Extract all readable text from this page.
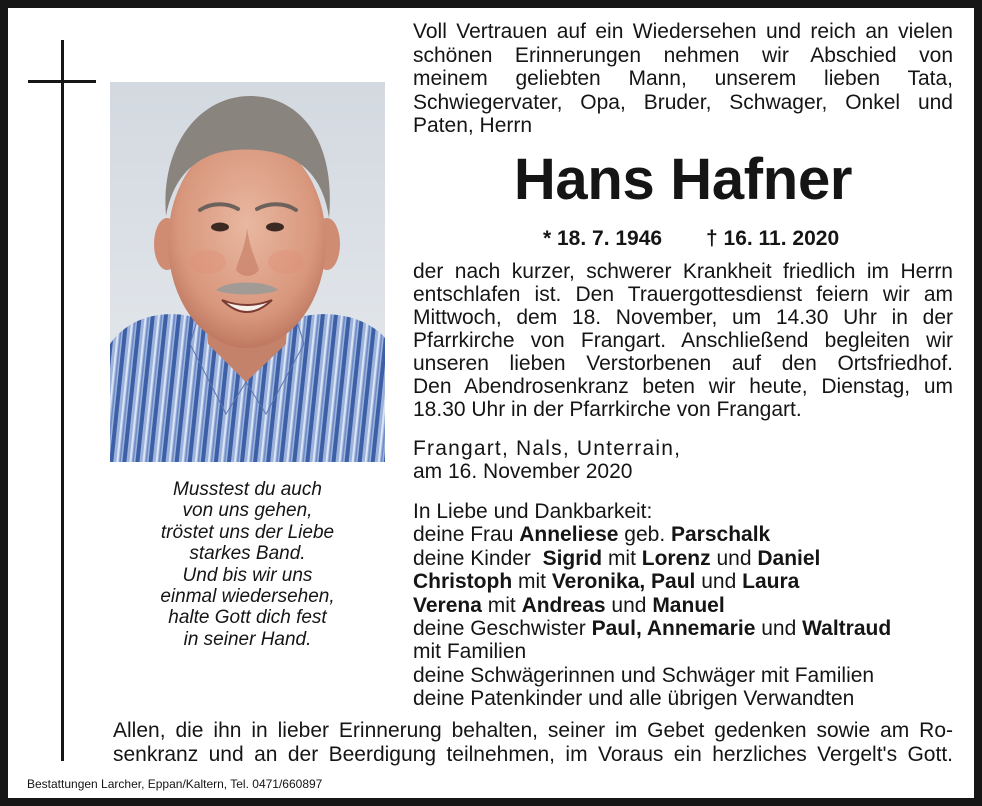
Musstest du auch
von uns gehen,
tröstet uns der Liebe
starkes Band.
Und bis wir uns
einmal wiedersehen,
halte Gott dich fest
in seiner Hand.
Voll Vertrauen auf ein Wiedersehen und reich an vielen
schönen Erinnerungen nehmen wir Abschied von
meinem geliebten Mann, unserem lieben Tata,
Schwiegervater, Opa, Bruder, Schwager, Onkel und
Paten, Herrn
Hans Hafner
* 18. 7. 1946 † 16. 11. 2020
der nach kurzer, schwerer Krankheit friedlich im Herrn
entschlafen ist. Den Trauergottesdienst feiern wir am
Mittwoch, dem 18. November, um 14.30 Uhr in der
Pfarrkirche von Frangart. Anschließend begleiten wir
unseren lieben Verstorbenen auf den Ortsfriedhof.
Den Abendrosenkranz beten wir heute, Dienstag, um
18.30 Uhr in der Pfarrkirche von Frangart.
Frangart, Nals, Unterrain,
am 16. November 2020
In Liebe und Dankbarkeit:
deine Frau Anneliese geb. Parschalk
deine Kinder  Sigrid mit Lorenz und Daniel
Christoph mit Veronika, Paul und Laura
Verena mit Andreas und Manuel
deine Geschwister Paul, Annemarie und Waltraud
mit Familien
deine Schwägerinnen und Schwäger mit Familien
deine Patenkinder und alle übrigen Verwandten
Allen, die ihn in lieber Erinnerung behalten, seiner im Gebet gedenken sowie am Ro-
senkranz und an der Beerdigung teilnehmen, im Voraus ein herzliches Vergelt's Gott.
Bestattungen Larcher, Eppan/Kaltern, Tel. 0471/660897
